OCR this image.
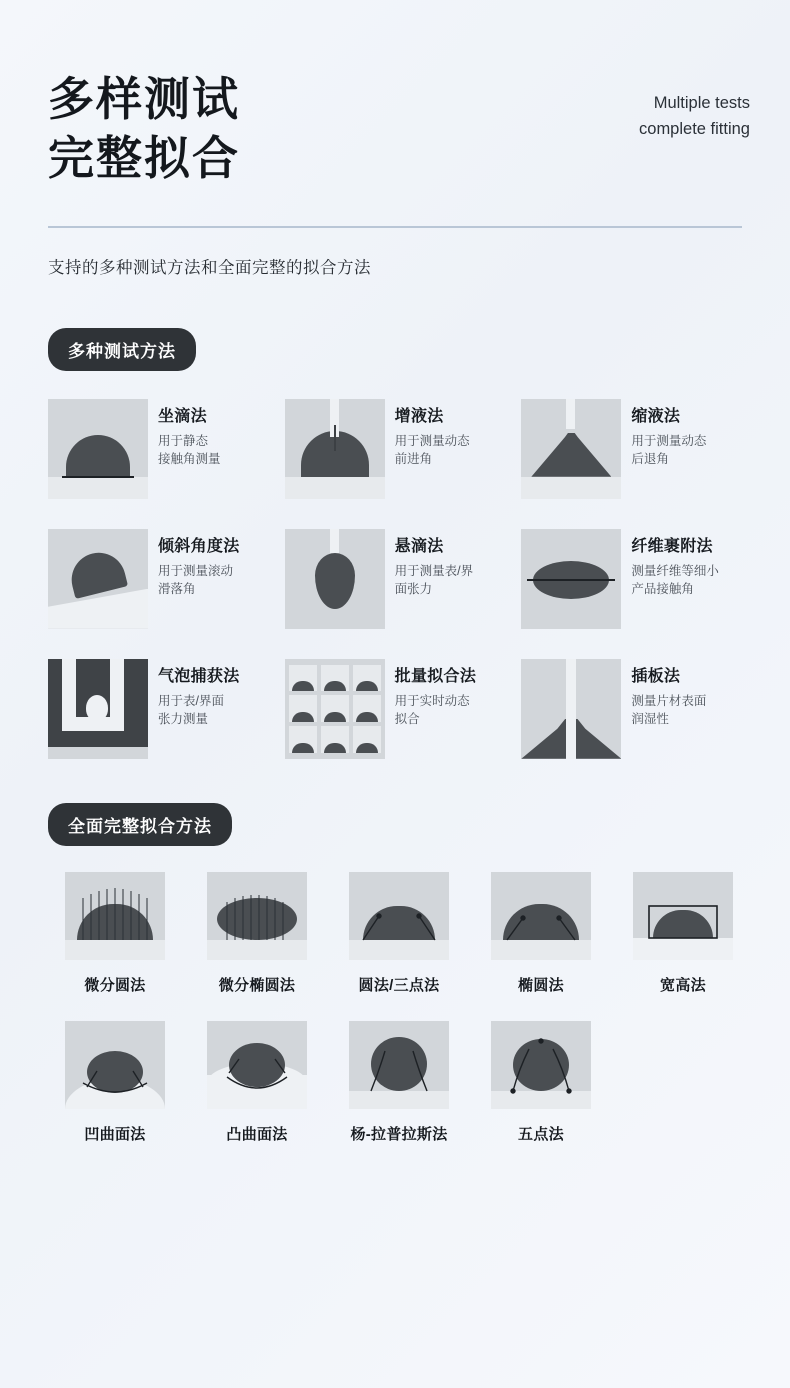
多样测试
完整拟合
Multiple tests
complete fitting
支持的多种测试方法和全面完整的拟合方法
多种测试方法
坐滴法
用于静态
接触角测量
增液法
用于测量动态
前进角
缩液法
用于测量动态
后退角
倾斜角度法
用于测量滚动
滑落角
悬滴法
用于测量表/界
面张力
纤维裹附法
测量纤维等细小
产品接触角
气泡捕获法
用于表/界面
张力测量
批量拟合法
用于实时动态
拟合
插板法
测量片材表面
润湿性
全面完整拟合方法
微分圆法	微分椭圆法	圆法/三点法	椭圆法	宽高法
凹曲面法	凸曲面法	杨-拉普拉斯法	五点法
